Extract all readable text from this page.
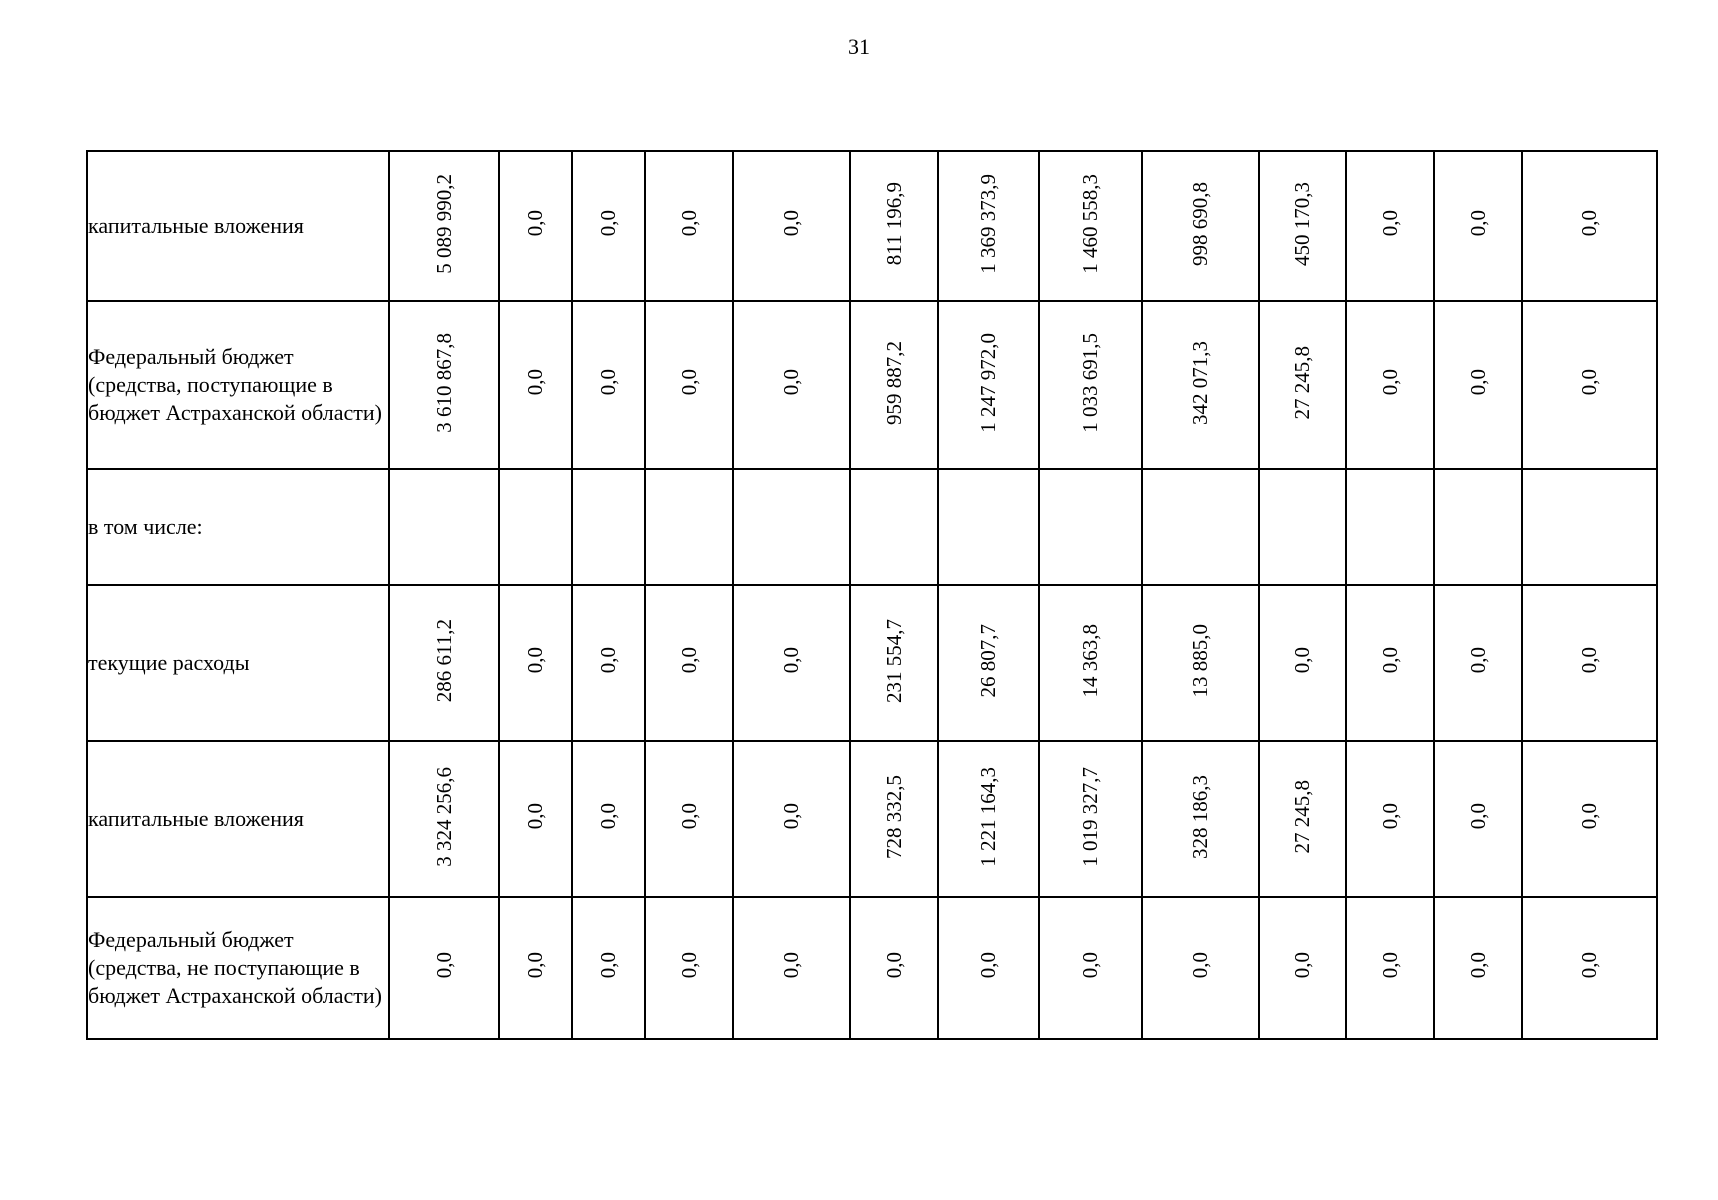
31
капитальные вложения	5 089 990,2	0,0	0,0	0,0	0,0	811 196,9	1 369 373,9	1 460 558,3	998 690,8	450 170,3	0,0	0,0	0,0
Федеральный бюджет (средства, поступающие в бюджет Астраханской области)	3 610 867,8	0,0	0,0	0,0	0,0	959 887,2	1 247 972,0	1 033 691,5	342 071,3	27 245,8	0,0	0,0	0,0
в том числе:													
текущие расходы	286 611,2	0,0	0,0	0,0	0,0	231 554,7	26 807,7	14 363,8	13 885,0	0,0	0,0	0,0	0,0
капитальные вложения	3 324 256,6	0,0	0,0	0,0	0,0	728 332,5	1 221 164,3	1 019 327,7	328 186,3	27 245,8	0,0	0,0	0,0
Федеральный бюджет (средства, не поступающие в бюджет Астраханской области)	0,0	0,0	0,0	0,0	0,0	0,0	0,0	0,0	0,0	0,0	0,0	0,0	0,0
